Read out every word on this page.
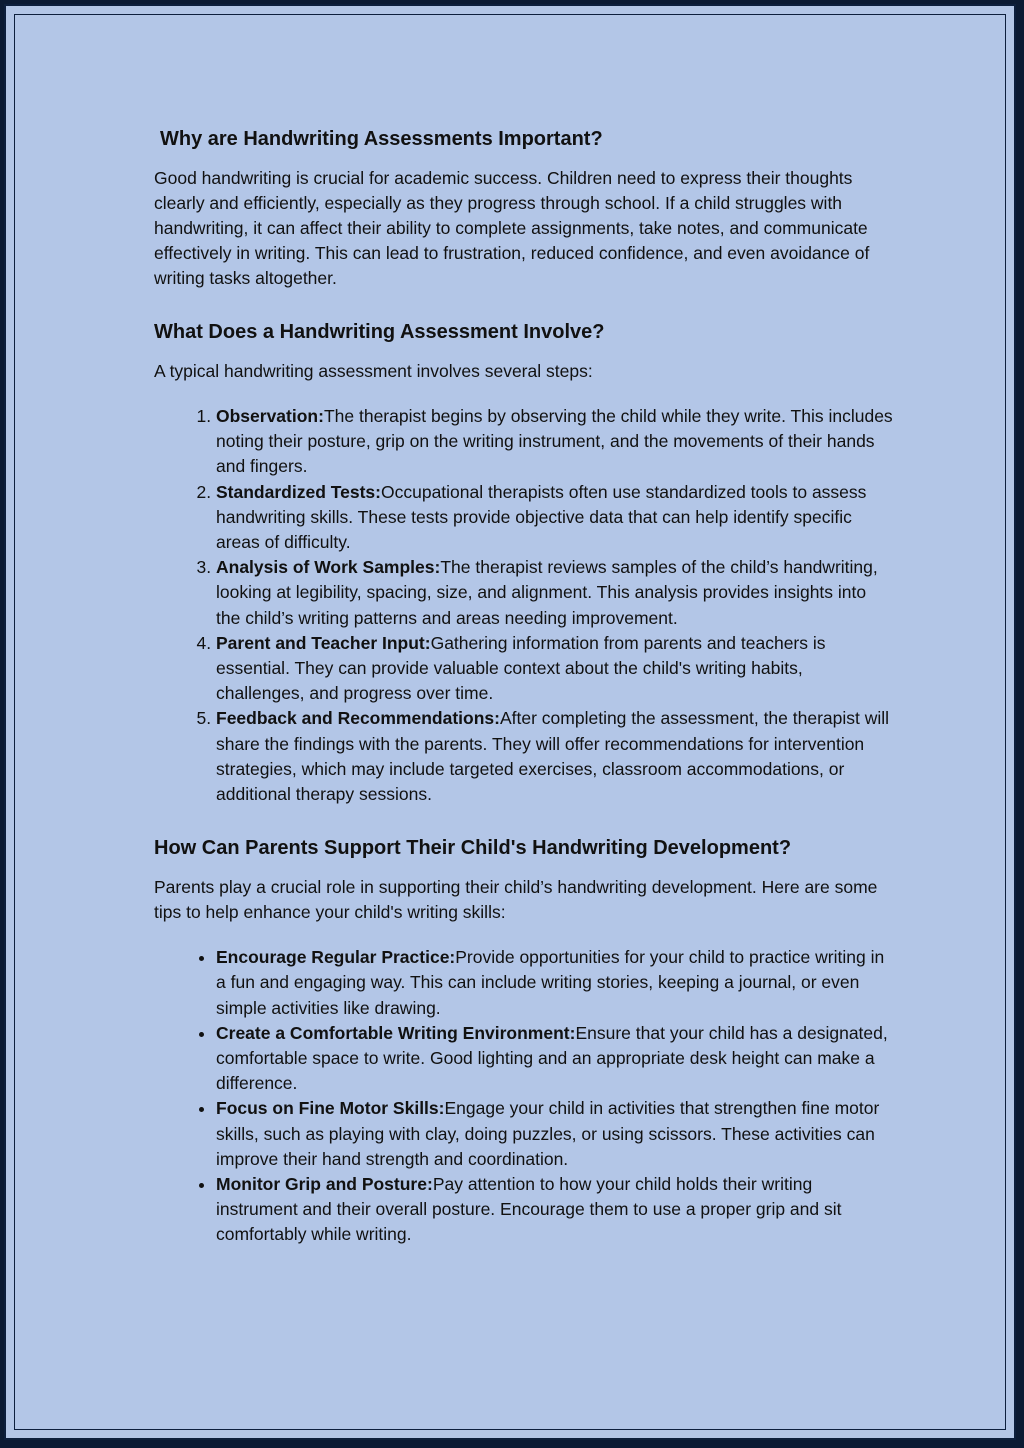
Why are Handwriting Assessments Important?

Good handwriting is crucial for academic success. Children need to express their thoughts clearly and efficiently, especially as they progress through school. If a child struggles with handwriting, it can affect their ability to complete assignments, take notes, and communicate effectively in writing. This can lead to frustration, reduced confidence, and even avoidance of writing tasks altogether.

What Does a Handwriting Assessment Involve?

A typical handwriting assessment involves several steps:

1. Observation:The therapist begins by observing the child while they write. This includes noting their posture, grip on the writing instrument, and the movements of their hands and fingers.
2. Standardized Tests:Occupational therapists often use standardized tools to assess handwriting skills. These tests provide objective data that can help identify specific areas of difficulty.
3. Analysis of Work Samples:The therapist reviews samples of the child’s handwriting, looking at legibility, spacing, size, and alignment. This analysis provides insights into the child’s writing patterns and areas needing improvement.
4. Parent and Teacher Input:Gathering information from parents and teachers is essential. They can provide valuable context about the child's writing habits, challenges, and progress over time.
5. Feedback and Recommendations:After completing the assessment, the therapist will share the findings with the parents. They will offer recommendations for intervention strategies, which may include targeted exercises, classroom accommodations, or additional therapy sessions.
How Can Parents Support Their Child's Handwriting Development?

Parents play a crucial role in supporting their child’s handwriting development. Here are some tips to help enhance your child's writing skills:

• Encourage Regular Practice:Provide opportunities for your child to practice writing in a fun and engaging way. This can include writing stories, keeping a journal, or even simple activities like drawing.
• Create a Comfortable Writing Environment:Ensure that your child has a designated, comfortable space to write. Good lighting and an appropriate desk height can make a difference.
• Focus on Fine Motor Skills:Engage your child in activities that strengthen fine motor skills, such as playing with clay, doing puzzles, or using scissors. These activities can improve their hand strength and coordination.
• Monitor Grip and Posture:Pay attention to how your child holds their writing instrument and their overall posture. Encourage them to use a proper grip and sit comfortably while writing.
